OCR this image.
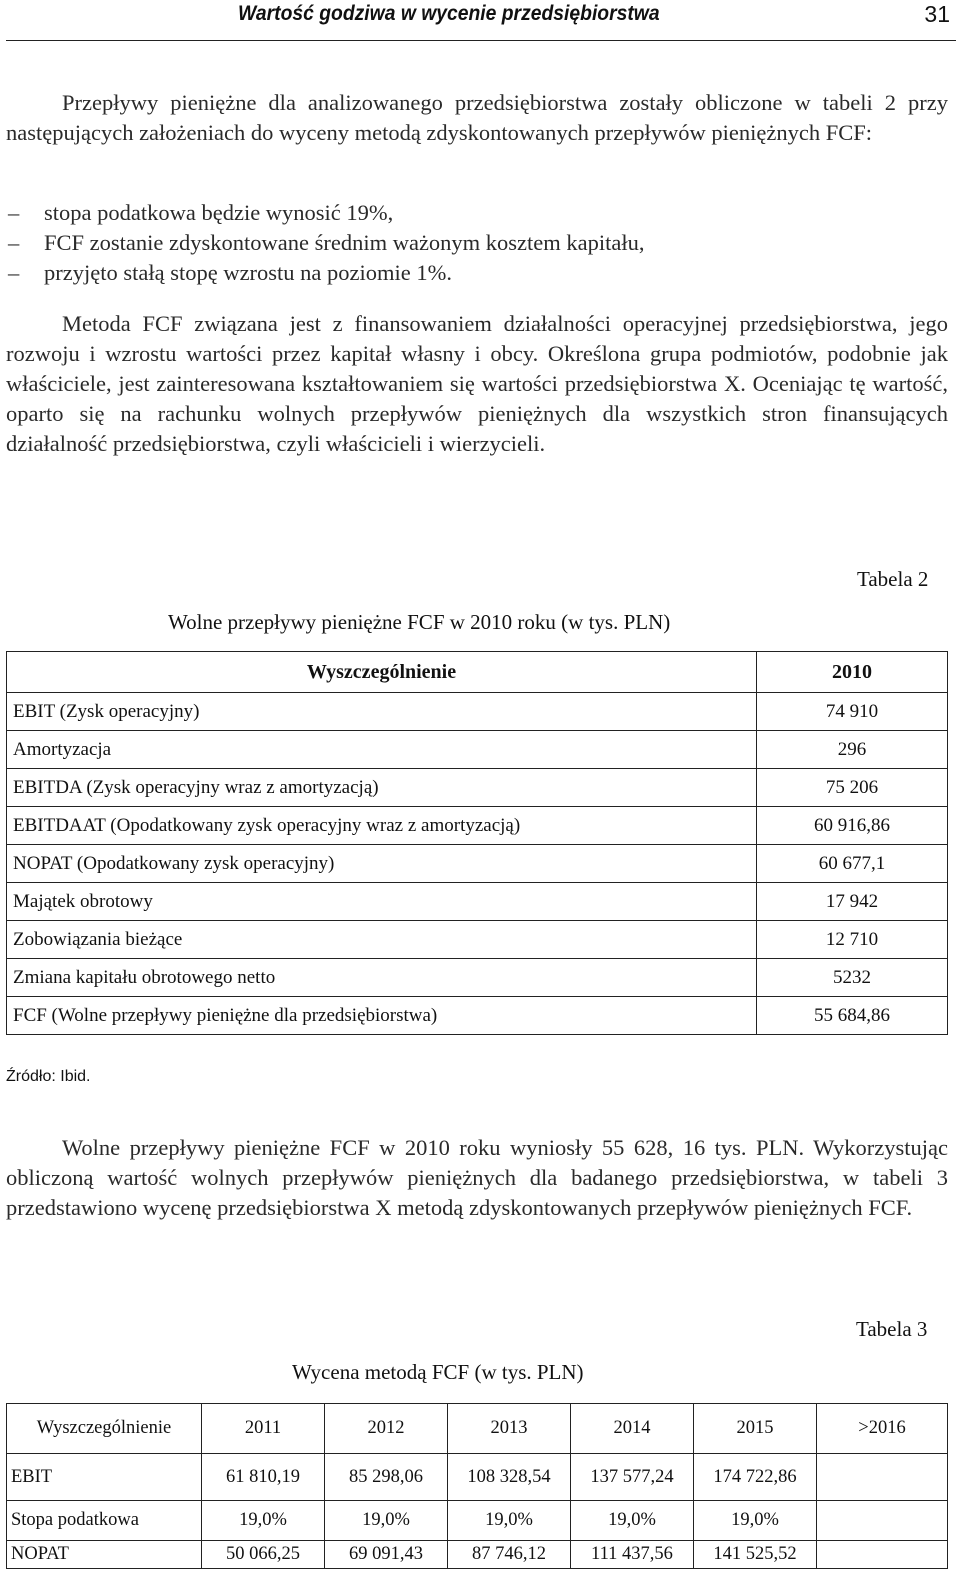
Wartość godziwa w wycenie przedsiębiorstwa	31
Przepływy pieniężne dla analizowanego przedsiębiorstwa zostały obliczone w tabeli 2 przy następujących założeniach do wyceny metodą zdyskontowanych przepływów pieniężnych FCF:
– stopa podatkowa będzie wynosić 19%,
– FCF zostanie zdyskontowane średnim ważonym kosztem kapitału,
– przyjęto stałą stopę wzrostu na poziomie 1%.
Metoda FCF związana jest z finansowaniem działalności operacyjnej przedsiębiorstwa, jego rozwoju i wzrostu wartości przez kapitał własny i obcy. Określona grupa podmiotów, podobnie jak właściciele, jest zainteresowana kształtowaniem się wartości przedsiębiorstwa X. Oceniając tę wartość, oparto się na rachunku wolnych przepływów pieniężnych dla wszystkich stron finansujących działalność przedsiębiorstwa, czyli właścicieli i wierzycieli.
Tabela 2
Wolne przepływy pieniężne FCF w 2010 roku (w tys. PLN)
Wyszczególnienie	2010
EBIT (Zysk operacyjny)	74 910
Amortyzacja	296
EBITDA (Zysk operacyjny wraz z amortyzacją)	75 206
EBITDAAT (Opodatkowany zysk operacyjny wraz z amortyzacją)	60 916,86
NOPAT (Opodatkowany zysk operacyjny)	60 677,1
Majątek obrotowy	17 942
Zobowiązania bieżące	12 710
Zmiana kapitału obrotowego netto	5232
FCF (Wolne przepływy pieniężne dla przedsiębiorstwa)	55 684,86
Źródło: Ibid.
Wolne przepływy pieniężne FCF w 2010 roku wyniosły 55 628, 16 tys. PLN. Wykorzystując obliczoną wartość wolnych przepływów pieniężnych dla badanego przedsiębiorstwa, w tabeli 3 przedstawiono wycenę przedsiębiorstwa X metodą zdyskontowanych przepływów pieniężnych FCF.
Tabela 3
Wycena metodą FCF (w tys. PLN)
Wyszczególnienie	2011	2012	2013	2014	2015	>2016
EBIT	61 810,19	85 298,06	108 328,54	137 577,24	174 722,86	
Stopa podatkowa	19,0%	19,0%	19,0%	19,0%	19,0%	
NOPAT	50 066,25	69 091,43	87 746,12	111 437,56	141 525,52	
